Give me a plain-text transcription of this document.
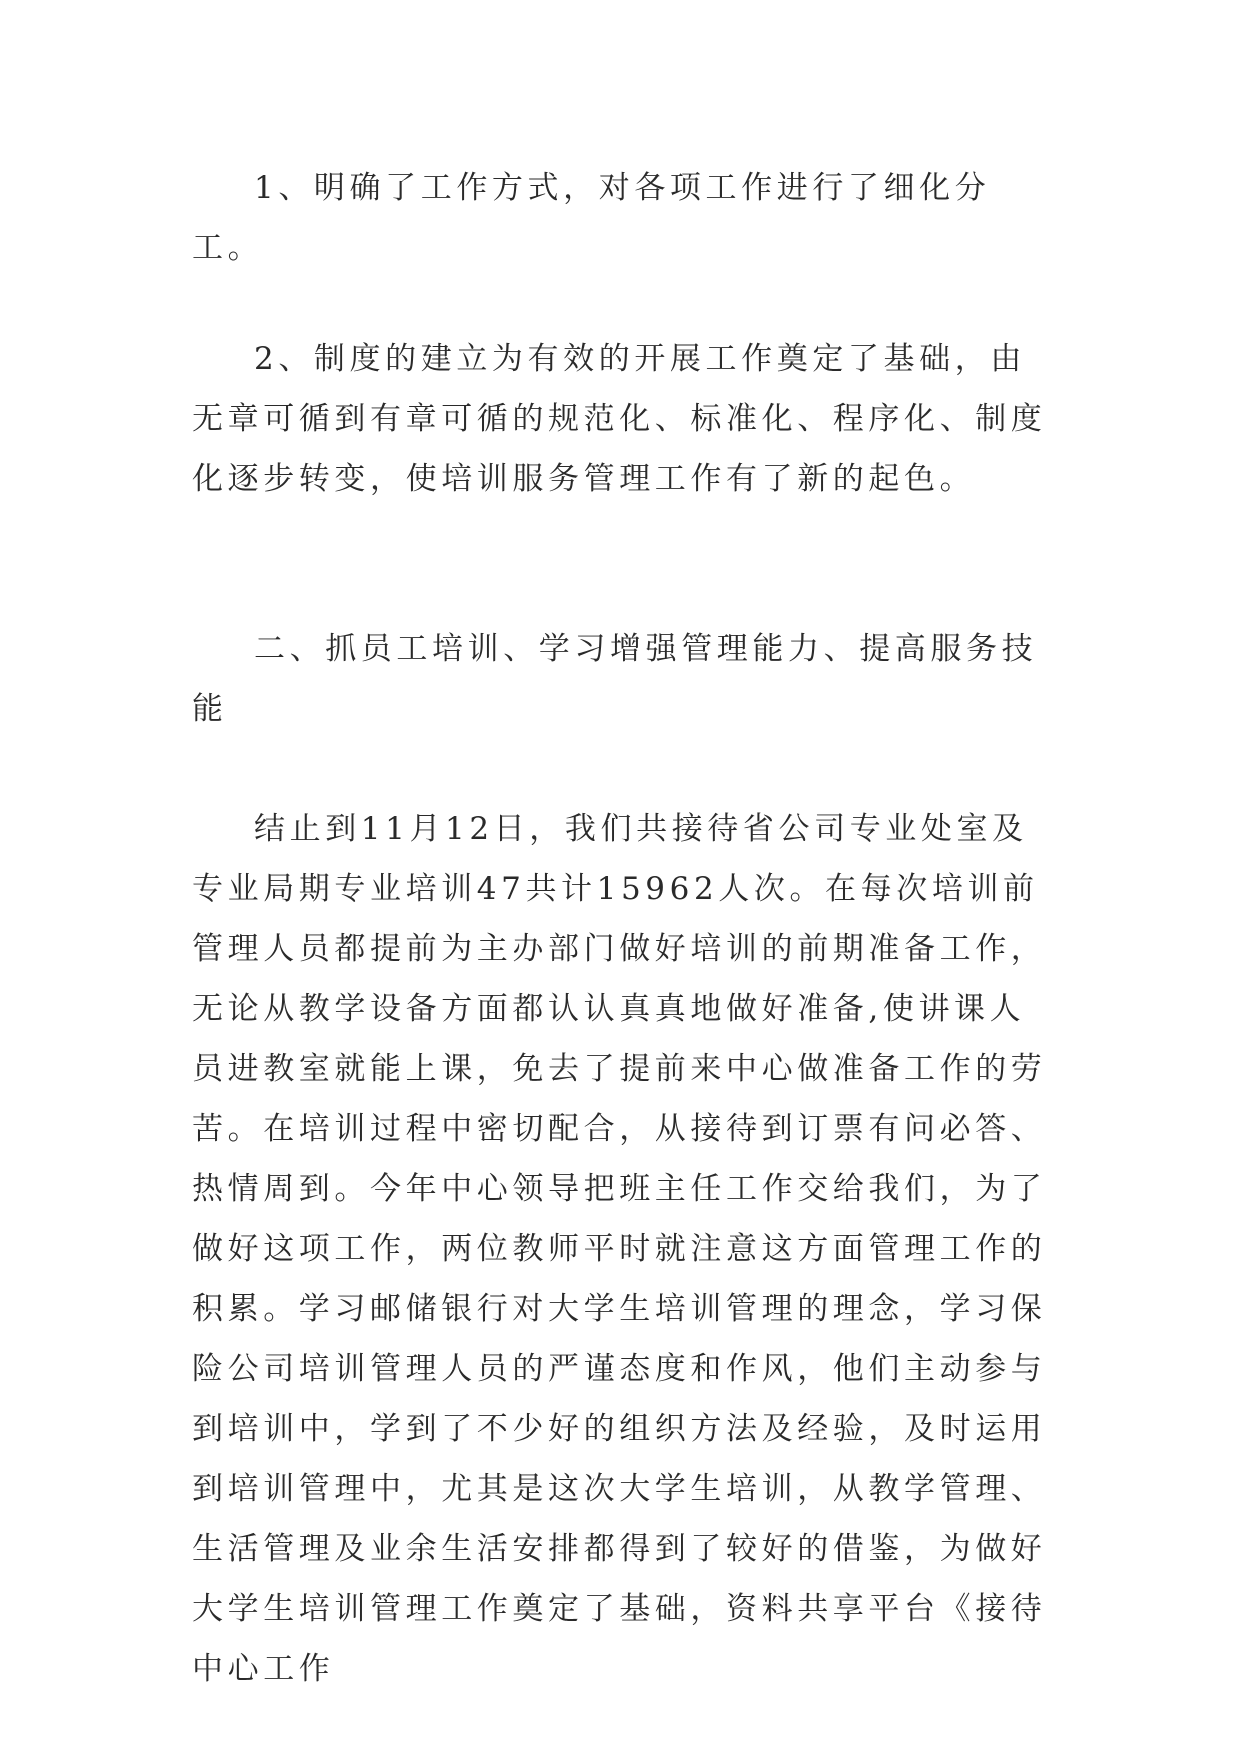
1、明确了工作方式，对各项工作进行了细化分工。

2、制度的建立为有效的开展工作奠定了基础，由无章可循到有章可循的规范化、标准化、程序化、制度化逐步转变，使培训服务管理工作有了新的起色。

二、抓员工培训、学习增强管理能力、提高服务技能

结止到11月12日，我们共接待省公司专业处室及专业局期专业培训47共计15962人次。在每次培训前管理人员都提前为主办部门做好培训的前期准备工作，无论从教学设备方面都认认真真地做好准备,使讲课人员进教室就能上课，免去了提前来中心做准备工作的劳苦。在培训过程中密切配合，从接待到订票有问必答、热情周到。今年中心领导把班主任工作交给我们，为了做好这项工作，两位教师平时就注意这方面管理工作的积累。学习邮储银行对大学生培训管理的理念，学习保险公司培训管理人员的严谨态度和作风，他们主动参与到培训中，学到了不少好的组织方法及经验，及时运用到培训管理中，尤其是这次大学生培训，从教学管理、生活管理及业余生活安排都得到了较好的借鉴，为做好大学生培训管理工作奠定了基础，资料共享平台《接待中心工作
